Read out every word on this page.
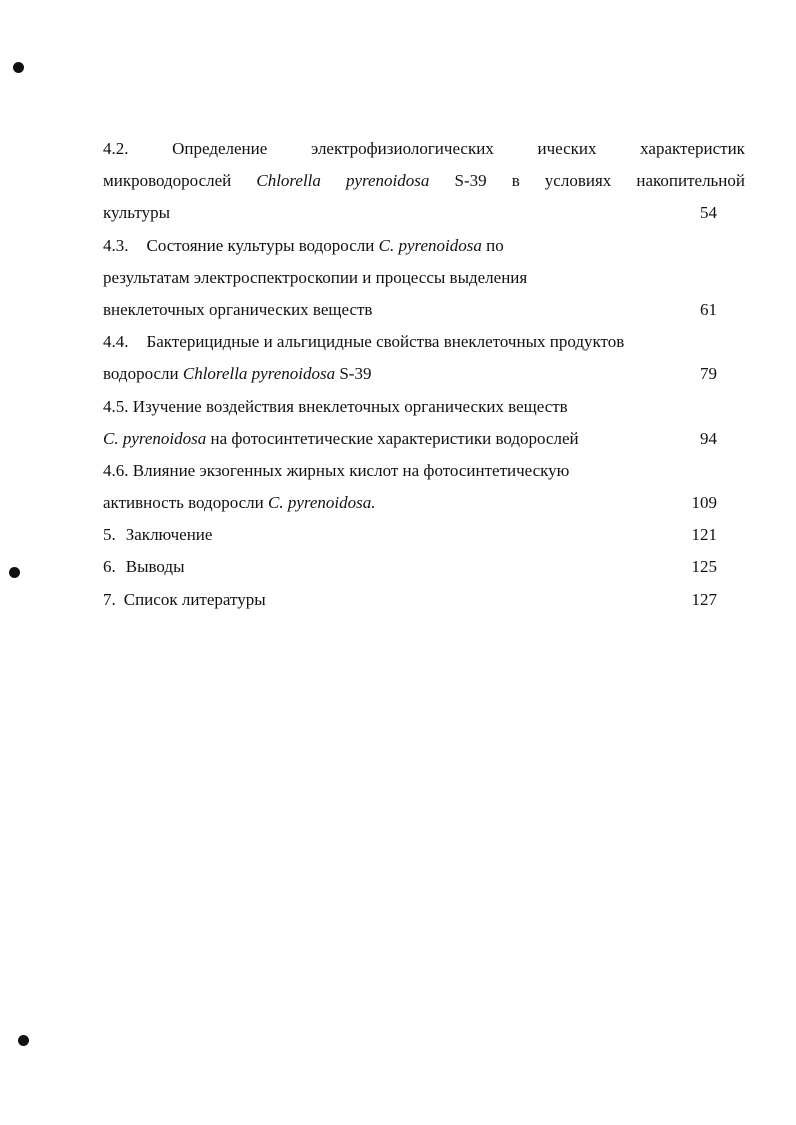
4.2.	Определение	электрофизиологических	ических	характеристик
микроводорослей Chlorella pyrenoidosa S-39 в условиях накопительной
культуры	54
4.3. Состояние культуры водоросли C. pyrenoidosa по
результатам электроспектроскопии и процессы выделения
внеклеточных органических веществ	61
4.4. Бактерицидные и альгицидные свойства внеклеточных продуктов
водоросли Chlorella pyrenoidosa S-39	79
4.5. Изучение воздействия внеклеточных органических веществ
C. pyrenoidosa на фотосинтетические характеристики водорослей	94
4.6. Влияние экзогенных жирных кислот на фотосинтетическую
активность водоросли C. pyrenoidosa.	109
5. Заключение	121
6. Выводы	125
7. Список литературы	127
